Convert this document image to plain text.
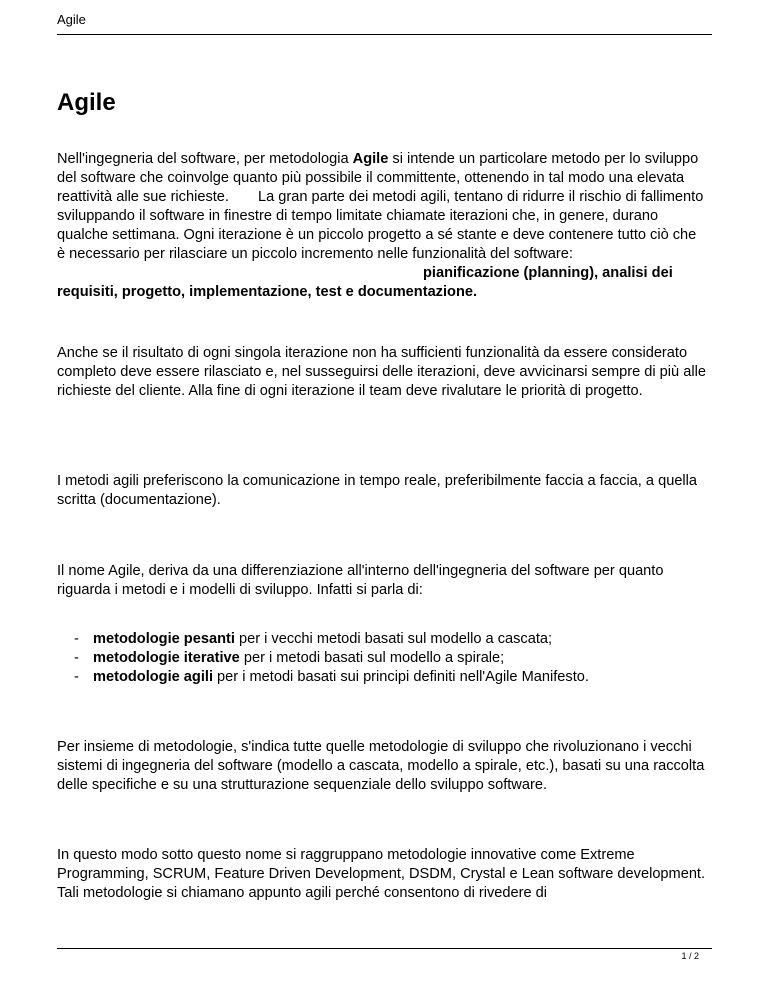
Agile
Agile

Nell'ingegneria del software, per metodologia Agile si intende un particolare metodo per lo sviluppo del software che coinvolge quanto più possibile il committente, ottenendo in tal modo una elevata reattività alle sue richieste. La gran parte dei metodi agili, tentano di ridurre il rischio di fallimento sviluppando il software in finestre di tempo limitate chiamate iterazioni che, in genere, durano qualche settimana. Ogni iterazione è un piccolo progetto a sé stante e deve contenere tutto ciò che è necessario per rilasciare un piccolo incremento nelle funzionalità del software:pianificazione (planning), analisi dei requisiti, progetto, implementazione, test e documentazione.

Anche se il risultato di ogni singola iterazione non ha sufficienti funzionalità da essere considerato completo deve essere rilasciato e, nel susseguirsi delle iterazioni, deve avvicinarsi sempre di più alle richieste del cliente. Alla fine di ogni iterazione il team deve rivalutare le priorità di progetto.

I metodi agili preferiscono la comunicazione in tempo reale, preferibilmente faccia a faccia, a quella scritta (documentazione).

Il nome Agile, deriva da una differenziazione all'interno dell'ingegneria del software per quanto riguarda i metodi e i modelli di sviluppo. Infatti si parla di:

- metodologie pesanti per i vecchi metodi basati sul modello a cascata;
- metodologie iterative per i metodi basati sul modello a spirale;
- metodologie agili per i metodi basati sui principi definiti nell'Agile Manifesto.

Per insieme di metodologie, s'indica tutte quelle metodologie di sviluppo che rivoluzionano i vecchi sistemi di ingegneria del software (modello a cascata, modello a spirale, etc.), basati su una raccolta delle specifiche e su una strutturazione sequenziale dello sviluppo software.

In questo modo sotto questo nome si raggruppano metodologie innovative come Extreme Programming, SCRUM, Feature Driven Development, DSDM, Crystal e Lean software development. Tali metodologie si chiamano appunto agili perché consentono di rivedere di

1 / 2
